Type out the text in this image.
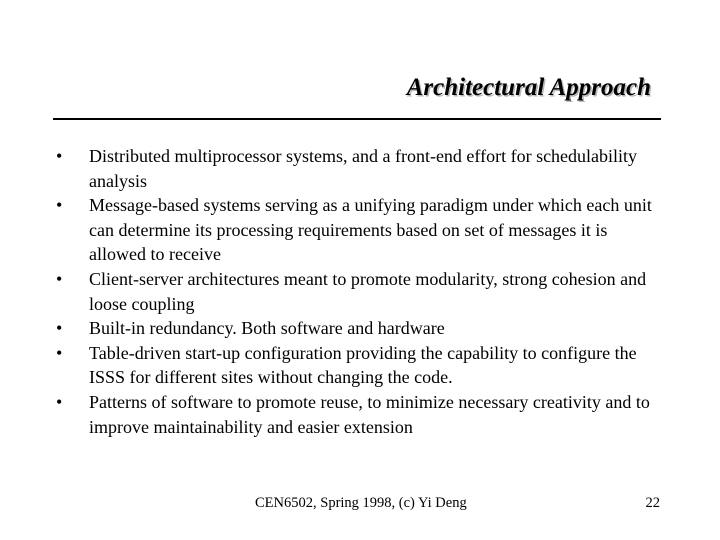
Architectural Approach
•	Distributed multiprocessor systems, and a front-end effort for schedulability analysis
•	Message-based systems serving as a unifying paradigm under which each unit can determine its processing requirements based on set of messages it is allowed to receive
•	Client-server architectures meant to promote modularity, strong cohesion and loose coupling
•	Built-in redundancy. Both software and hardware
•	Table-driven start-up configuration providing the capability to configure the ISSS for different sites without changing the code.
•	Patterns of software to promote reuse, to minimize necessary creativity and to improve maintainability and easier extension
CEN6502, Spring 1998, (c) Yi Deng	22
